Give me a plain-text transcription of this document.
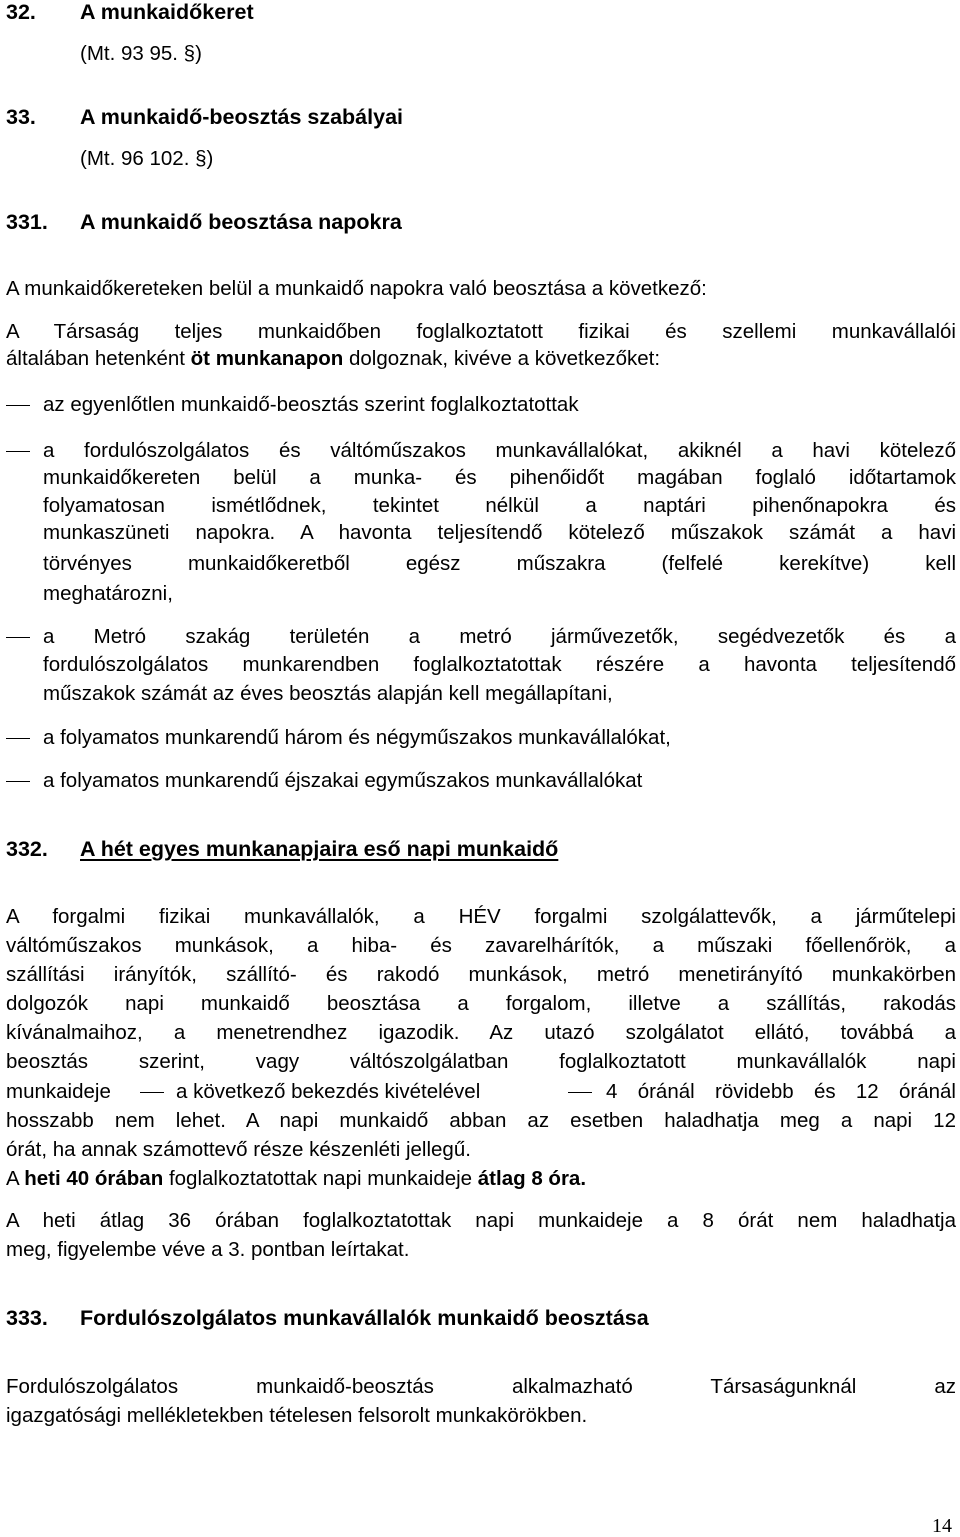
32. A munkaidőkeret
(Mt. 93 95. §)
33. A munkaidő-beosztás szabályai
(Mt. 96 102. §)
331. A munkaidő beosztása napokra
A munkaidőkereteken belül a munkaidő napokra való beosztása a következő:
A Társaság teljes munkaidőben foglalkoztatott fizikai és szellemi munkavállalói
általában hetenként öt munkanapon dolgoznak, kivéve a következőket:
az egyenlőtlen munkaidő-beosztás szerint foglalkoztatottak
a fordulószolgálatos és váltóműszakos munkavállalókat, akiknél a havi kötelező
munkaidőkereten belül a munka- és pihenőidőt magában foglaló időtartamok
folyamatosan ismétlődnek, tekintet nélkül a naptári pihenőnapokra és
munkaszüneti napokra. A havonta teljesítendő kötelező műszakok számát a havi
törvényes munkaidőkeretből egész műszakra (felfelé kerekítve) kell
meghatározni,
a Metró szakág területén a metró járművezetők, segédvezetők és a
fordulószolgálatos munkarendben foglalkoztatottak részére a havonta teljesítendő
műszakok számát az éves beosztás alapján kell megállapítani,
a folyamatos munkarendű három és négyműszakos munkavállalókat,
a folyamatos munkarendű éjszakai egyműszakos munkavállalókat
332. A hét egyes munkanapjaira eső napi munkaidő
A forgalmi fizikai munkavállalók, a HÉV forgalmi szolgálattevők, a járműtelepi
váltóműszakos munkások, a hiba- és zavarelhárítók, a műszaki főellenőrök, a
szállítási irányítók, szállító- és rakodó munkások, metró menetirányító munkakörben
dolgozók napi munkaidő beosztása a forgalom, illetve a szállítás, rakodás
kívánalmaihoz, a menetrendhez igazodik. Az utazó szolgálatot ellátó, továbbá a
beosztás szerint, vagy váltószolgálatban foglalkoztatott munkavállalók napi
munkaideje	a következő bekezdés kivételével	4 óránál rövidebb és 12 óránál
hosszabb nem lehet. A napi munkaidő abban az esetben haladhatja meg a napi 12
órát, ha annak számottevő része készenléti jellegű.
A heti 40 órában foglalkoztatottak napi munkaideje átlag 8 óra.
A heti átlag 36 órában foglalkoztatottak napi munkaideje a 8 órát nem haladhatja
meg, figyelembe véve a 3. pontban leírtakat.
333. Fordulószolgálatos munkavállalók munkaidő beosztása
Fordulószolgálatos munkaidő-beosztás alkalmazható Társaságunknál az
igazgatósági mellékletekben tételesen felsorolt munkakörökben.
14
